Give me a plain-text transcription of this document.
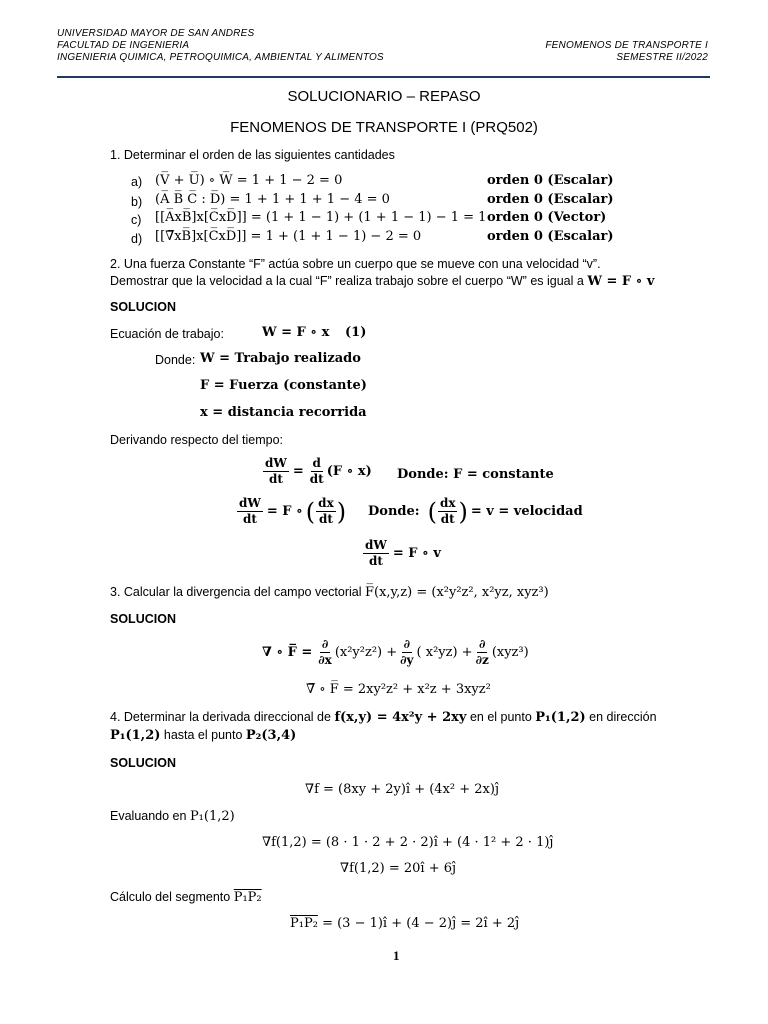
UNIVERSIDAD MAYOR DE SAN ANDRES
FACULTAD DE INGENIERIA
INGENIERIA QUIMICA, PETROQUIMICA, AMBIENTAL Y ALIMENTOS
FENOMENOS DE TRANSPORTE I
SEMESTRE II/2022
SOLUCIONARIO – REPASO
FENOMENOS DE TRANSPORTE I (PRQ502)
1. Determinar el orden de las siguientes cantidades
a) (V̅ + U̅) ∘ W̅ = 1 + 1 − 2 = 0	orden 0 (Escalar)
b) (A̅ B̅ C̅ : D̅) = 1 + 1 + 1 + 1 − 4 = 0	orden 0 (Escalar)
c) [[A̅xB̅]x[C̅xD̅]] = (1 + 1 − 1) + (1 + 1 − 1) − 1 = 1 orden 0 (Vector)
d) [[∇̅xB̅]x[C̅xD̅]] = 1 + (1 + 1 − 1) − 2 = 0	orden 0 (Escalar)
2. Una fuerza Constante “F” actúa sobre un cuerpo que se mueve con una velocidad “v”.
Demostrar que la velocidad a la cual “F” realiza trabajo sobre el cuerpo “W” es igual a W = F ∘ v
SOLUCION
Ecuación de trabajo:	W = F ∘ x (1)
Donde: W = Trabajo realizado
F = Fuerza (constante)
x = distancia recorrida
Derivando respecto del tiempo:
$\frac{dW}{dt} = \frac{d}{dt} (F$ ∘ x) Donde: F = constante
$\frac{dW}{dt} = F$ ∘ ( $\frac{dx}{dt}$ ) Donde: ( $\frac{dx}{dt}$ ) = v = velocidad
$\frac{dW}{dt} = F$ ∘ v
3. Calcular la divergencia del campo vectorial F̅(x,y,z) = (x²y²z², x²yz, xyz³)
SOLUCION
∇ ∘ F̅ = $\frac{\partial}{\partial x} (x^2y^2z^2) + \frac{\partial}{\partial y}$ ( $x^2yz) + \frac{\partial}{\partial z} (xyz^3)$
∇̅ ∘ F̅ = 2xy²z² + x²z + 3xyz²
4. Determinar la derivada direccional de f(x,y) = 4x²y + 2xy en el punto P₁(1,2) en dirección
P₁(1,2) hasta el punto P₂(3,4)
SOLUCION
∇f = (8xy + 2y)î + (4x² + 2x)ĵ
Evaluando en P₁(1,2)
∇f(1,2) = (8 · 1 · 2 + 2 · 2)î + (4 · 1² + 2 · 1)ĵ
∇f(1,2) = 20î + 6ĵ
Cálculo del segmento P₁P₂
P₁P₂ = (3 − 1)î + (4 − 2)ĵ = 2î + 2ĵ
1
